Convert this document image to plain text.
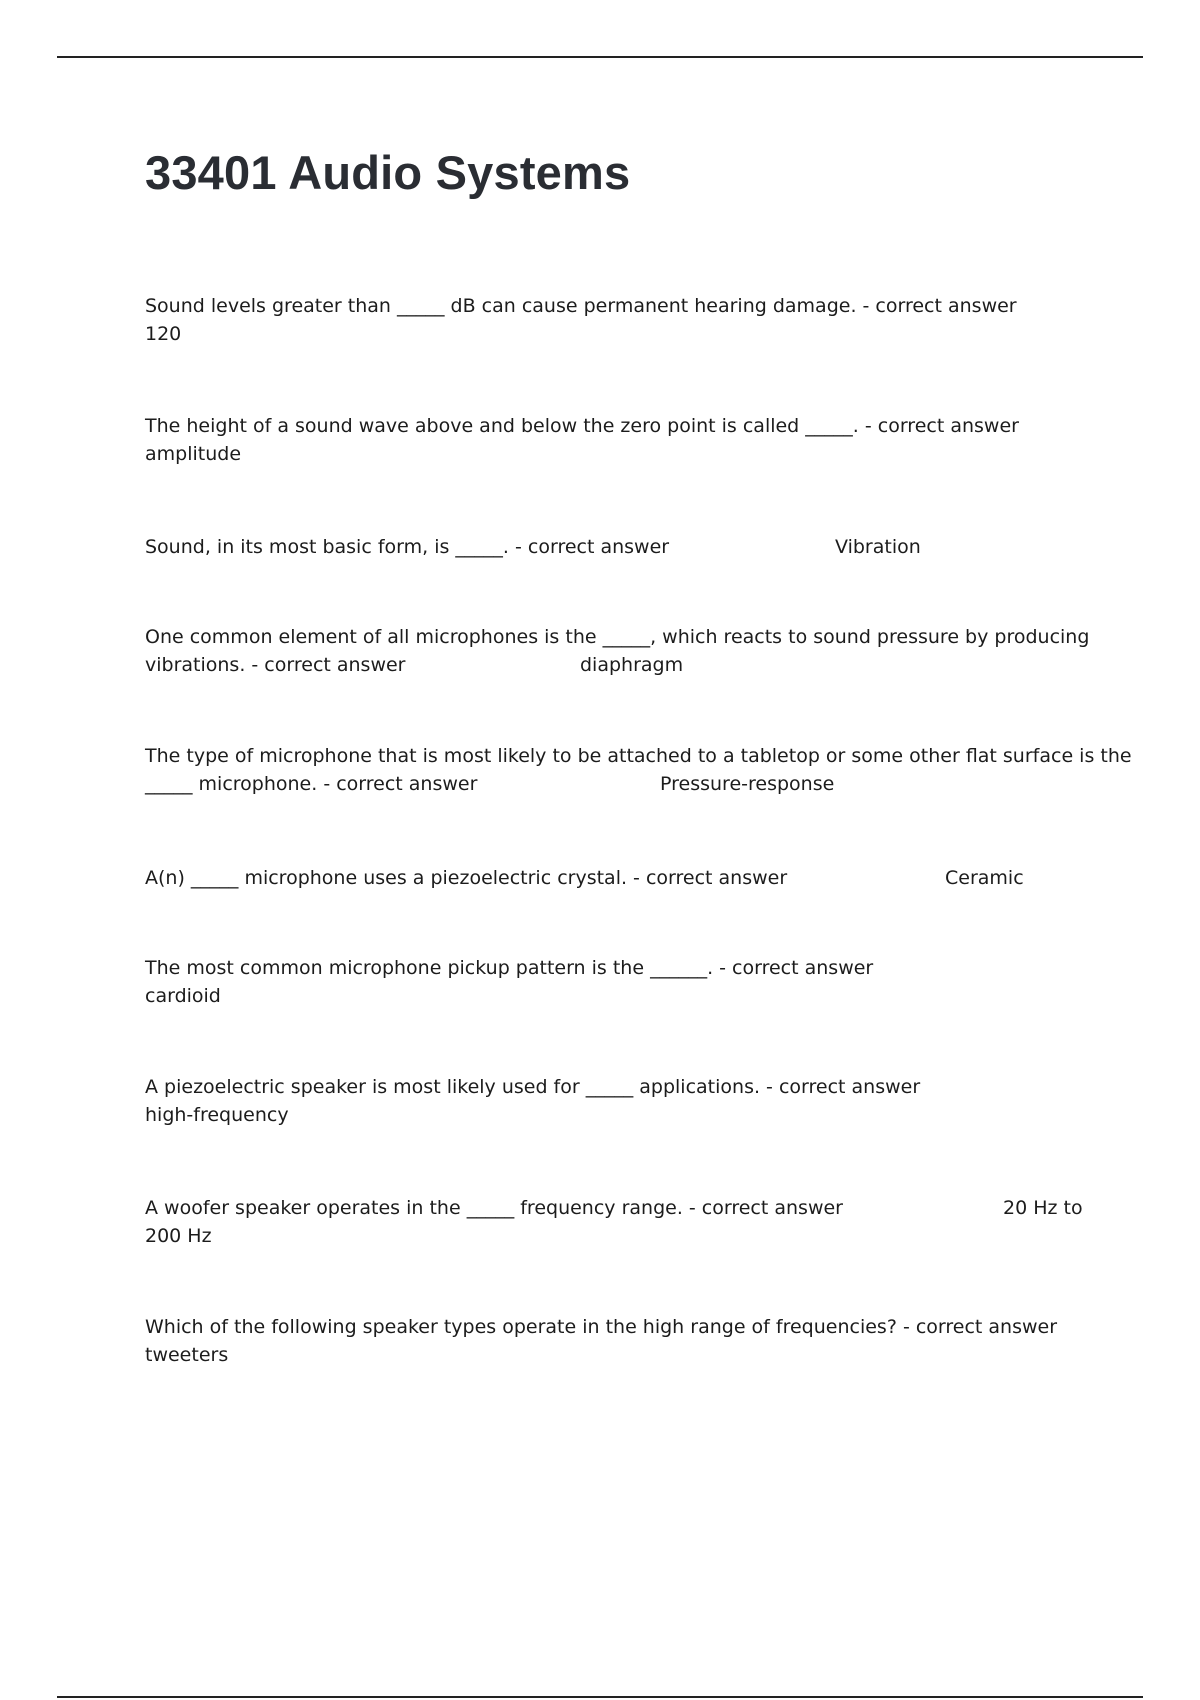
33401 Audio Systems
Sound levels greater than _____ dB can cause permanent hearing damage. - correct answer
120
The height of a sound wave above and below the zero point is called _____. - correct answer
amplitude
Sound, in its most basic form, is _____. - correct answer	Vibration
One common element of all microphones is the _____, which reacts to sound pressure by producing
vibrations. - correct answer	diaphragm
The type of microphone that is most likely to be attached to a tabletop or some other flat surface is the
_____ microphone. - correct answer	Pressure-response
A(n) _____ microphone uses a piezoelectric crystal. - correct answer	Ceramic
The most common microphone pickup pattern is the ______. - correct answer
cardioid
A piezoelectric speaker is most likely used for _____ applications. - correct answer
high-frequency
A woofer speaker operates in the _____ frequency range. - correct answer
200 Hz
20 Hz to
Which of the following speaker types operate in the high range of frequencies? - correct answer
tweeters
